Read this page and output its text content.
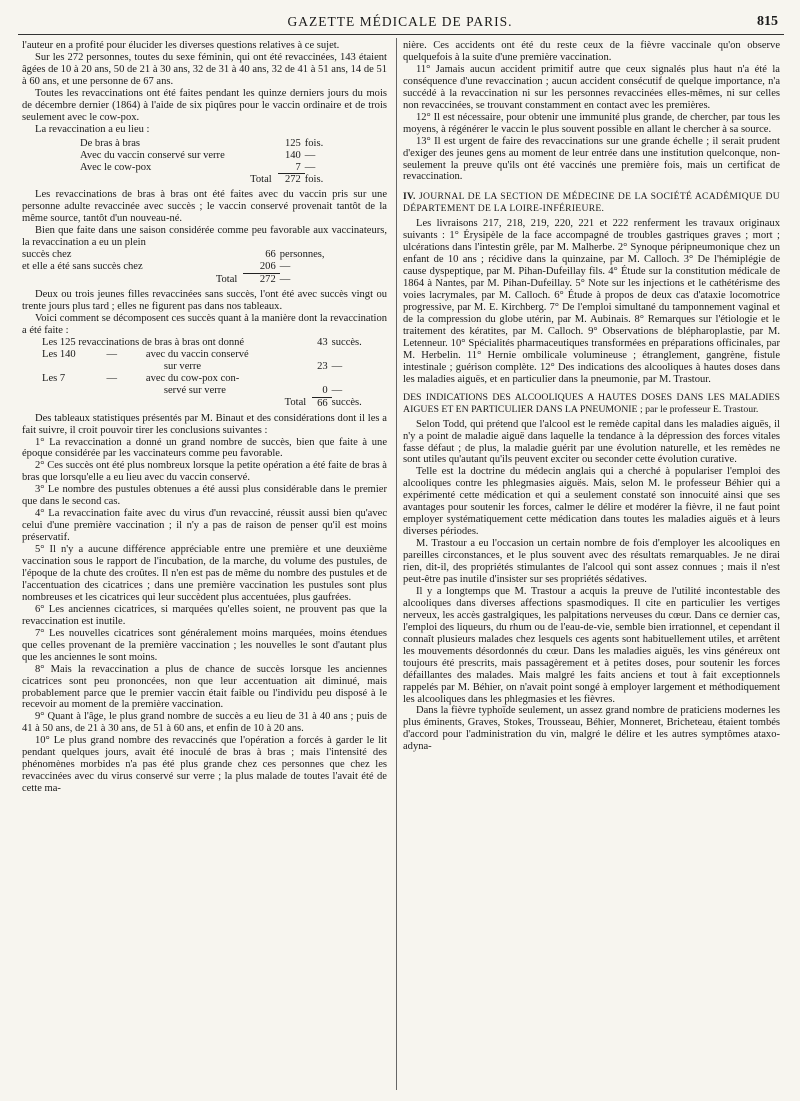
GAZETTE MÉDICALE DE PARIS.	815

l'auteur en a profité pour élucider les diverses questions relatives à ce sujet.

Sur les 272 personnes, toutes du sexe féminin, qui ont été revaccinées, 143 étaient âgées de 10 à 20 ans, 50 de 21 à 30 ans, 32 de 31 à 40 ans, 32 de 41 à 51 ans, 14 de 51 à 60 ans, et une personne de 67 ans.

Toutes les revaccinations ont été faites pendant les quinze derniers jours du mois de décembre dernier (1864) à l'aide de six piqûres pour le vaccin ordinaire et de trois seulement avec le cow-pox.

La revaccination a eu lieu :

De bras à bras	125	fois.
Avec du vaccin conservé sur verre	140	—
Avec le cow-pox	7	—
Total	272	fois.

Les revaccinations de bras à bras ont été faites avec du vaccin pris sur une personne adulte revaccinée avec succès ; le vaccin conservé provenait tantôt de la même source, tantôt d'un nouveau-né.

Bien que faite dans une saison considérée comme peu favorable aux vaccinateurs, la revaccination a eu un plein

succès chez	66	personnes,
et elle a été sans succès chez	206	—
Total	272	—

Deux ou trois jeunes filles revaccinées sans succès, l'ont été avec succès vingt ou trente jours plus tard ; elles ne figurent pas dans nos tableaux.

Voici comment se décomposent ces succès quant à la manière dont la revaccination a été faite :

Les 125 revaccinations de bras à bras ont donné			43	succès.
Les 140	—	avec du vaccin conservé		
		sur verre	23	—
Les 7	—	avec du cow-pox con-		
		servé sur verre	0	—
Total			66	succès.

Des tableaux statistiques présentés par M. Binaut et des considérations dont il les a fait suivre, il croit pouvoir tirer les conclusions suivantes :

1° La revaccination a donné un grand nombre de succès, bien que faite à une époque considérée par les vaccinateurs comme peu favorable.

2° Ces succès ont été plus nombreux lorsque la petite opération a été faite de bras à bras que lorsqu'elle a eu lieu avec du vaccin conservé.

3° Le nombre des pustules obtenues a été aussi plus considérable dans le premier que dans le second cas.

4° La revaccination faite avec du virus d'un revacciné, réussit aussi bien qu'avec celui d'une première vaccination ; il n'y a pas de raison de penser qu'il est moins préservatif.

5° Il n'y a aucune différence appréciable entre une première et une deuxième vaccination sous le rapport de l'incubation, de la marche, du volume des pustules, de l'époque de la chute des croûtes. Il n'en est pas de même du nombre des pustules et de l'accentuation des cicatrices ; dans une première vaccination les pustules sont plus nombreuses et les cicatrices qui leur succèdent plus accentuées, plus gaufrées.

6° Les anciennes cicatrices, si marquées qu'elles soient, ne prouvent pas que la revaccination est inutile.

7° Les nouvelles cicatrices sont généralement moins marquées, moins étendues que celles provenant de la première vaccination ; les nouvelles le sont d'autant plus que les anciennes le sont moins.

8° Mais la revaccination a plus de chance de succès lorsque les anciennes cicatrices sont peu prononcées, non que leur accentuation ait diminué, mais probablement parce que le premier vaccin était faible ou l'individu peu disposé à le recevoir au moment de la première vaccination.

9° Quant à l'âge, le plus grand nombre de succès a eu lieu de 31 à 40 ans ; puis de 41 à 50 ans, de 21 à 30 ans, de 51 à 60 ans, et enfin de 10 à 20 ans.

10° Le plus grand nombre des revaccinés que l'opération a forcés à garder le lit pendant quelques jours, avait été inoculé de bras à bras ; mais l'intensité des phénomènes morbides n'a pas été plus grande chez ces personnes que chez les revaccinées avec du virus conservé sur verre ; la plus malade de toutes l'avait été de cette ma-

nière. Ces accidents ont été du reste ceux de la fièvre vaccinale qu'on observe quelquefois à la suite d'une première vaccination.

11° Jamais aucun accident primitif autre que ceux signalés plus haut n'a été la conséquence d'une revaccination ; aucun accident consécutif de quelque importance, n'a succédé à la revaccination ni sur les personnes revaccinées elles-mêmes, ni sur celles non revaccinées, se trouvant constamment en contact avec les premières.

12° Il est nécessaire, pour obtenir une immunité plus grande, de chercher, par tous les moyens, à régénérer le vaccin le plus souvent possible en allant le chercher à sa source.

13° Il est urgent de faire des revaccinations sur une grande échelle ; il serait prudent d'exiger des jeunes gens au moment de leur entrée dans une institution quelconque, non-seulement la preuve qu'ils ont été vaccinés une première fois, mais un certificat de revaccination.

IV. JOURNAL DE LA SECTION DE MÉDECINE DE LA SOCIÉTÉ ACADÉMIQUE DU DÉPARTEMENT DE LA LOIRE-INFÉRIEURE.

Les livraisons 217, 218, 219, 220, 221 et 222 renferment les travaux originaux suivants : 1° Érysipèle de la face accompagné de troubles gastriques graves ; mort ; ulcérations dans l'intestin grêle, par M. Malherbe. 2° Synoque péripneumonique chez un enfant de 10 ans ; récidive dans la quinzaine, par M. Calloch. 3° De l'hémiplégie de cause dyspeptique, par M. Pihan-Dufeillay fils. 4° Étude sur la constitution médicale de 1864 à Nantes, par M. Pihan-Dufeillay. 5° Note sur les injections et le cathétérisme des voies lacrymales, par M. Calloch. 6° Étude à propos de deux cas d'ataxie locomotrice progressive, par M. E. Kirchberg. 7° De l'emploi simultané du tamponnement vaginal et de la compression du globe utérin, par M. Aubinais. 8° Remarques sur l'étiologie et le traitement des kératites, par M. Calloch. 9° Observations de blépharoplastie, par M. Letenneur. 10° Spécialités pharmaceutiques transformées en préparations officinales, par M. Herbelin. 11° Hernie ombilicale volumineuse ; étranglement, gangrène, fistule intestinale ; guérison complète. 12° Des indications des alcooliques à hautes doses dans les maladies aiguës, et en particulier dans la pneumonie, par M. Trastour.

DES INDICATIONS DES ALCOOLIQUES A HAUTES DOSES DANS LES MALADIES AIGUES ET EN PARTICULIER DANS LA PNEUMONIE ; par le professeur E. Trastour.

Selon Todd, qui prétend que l'alcool est le remède capital dans les maladies aiguës, il n'y a point de maladie aiguë dans laquelle la tendance à la dépression des forces vitales fasse défaut ; de plus, la maladie guérit par une évolution naturelle, et les remèdes ne sont utiles qu'autant qu'ils peuvent exciter ou seconder cette évolution curative.

Telle est la doctrine du médecin anglais qui a cherché à populariser l'emploi des alcooliques contre les phlegmasies aiguës. Mais, selon M. le professeur Béhier qui a expérimenté cette médication et qui a seulement constaté son innocuité ainsi que ses avantages pour soutenir les forces, calmer le délire et modérer la fièvre, il ne faut point employer systématiquement cette médication dans toutes les maladies aiguës et à leurs diverses périodes.

M. Trastour a eu l'occasion un certain nombre de fois d'employer les alcooliques en pareilles circonstances, et le plus souvent avec des résultats remarquables. Je ne dirai rien, dit-il, des propriétés stimulantes de l'alcool qui sont assez connues ; mais il n'est peut-être pas inutile d'insister sur ses propriétés sédatives.

Il y a longtemps que M. Trastour a acquis la preuve de l'utilité incontestable des alcooliques dans diverses affections spasmodiques. Il cite en particulier les vertiges nerveux, les accès gastralgiques, les palpitations nerveuses du cœur. Dans ce dernier cas, l'emploi des liqueurs, du rhum ou de l'eau-de-vie, semble bien irrationnel, et cependant il connaît plusieurs malades chez lesquels ces agents sont habituellement utiles, et arrêtent les mouvements désordonnés du cœur. Dans les maladies aiguës, les vins généreux ont toujours été prescrits, mais passagèrement et à petites doses, pour soutenir les forces défaillantes des malades. Mais malgré les faits anciens et tout à fait exceptionnels rappelés par M. Béhier, on n'avait point songé à employer largement et méthodiquement les alcooliques dans les phlegmasies et les fièvres.

Dans la fièvre typhoïde seulement, un assez grand nombre de praticiens modernes les plus éminents, Graves, Stokes, Trousseau, Béhier, Monneret, Bricheteau, étaient tombés d'accord pour l'administration du vin, malgré le délire et les autres symptômes ataxo-adyna-
